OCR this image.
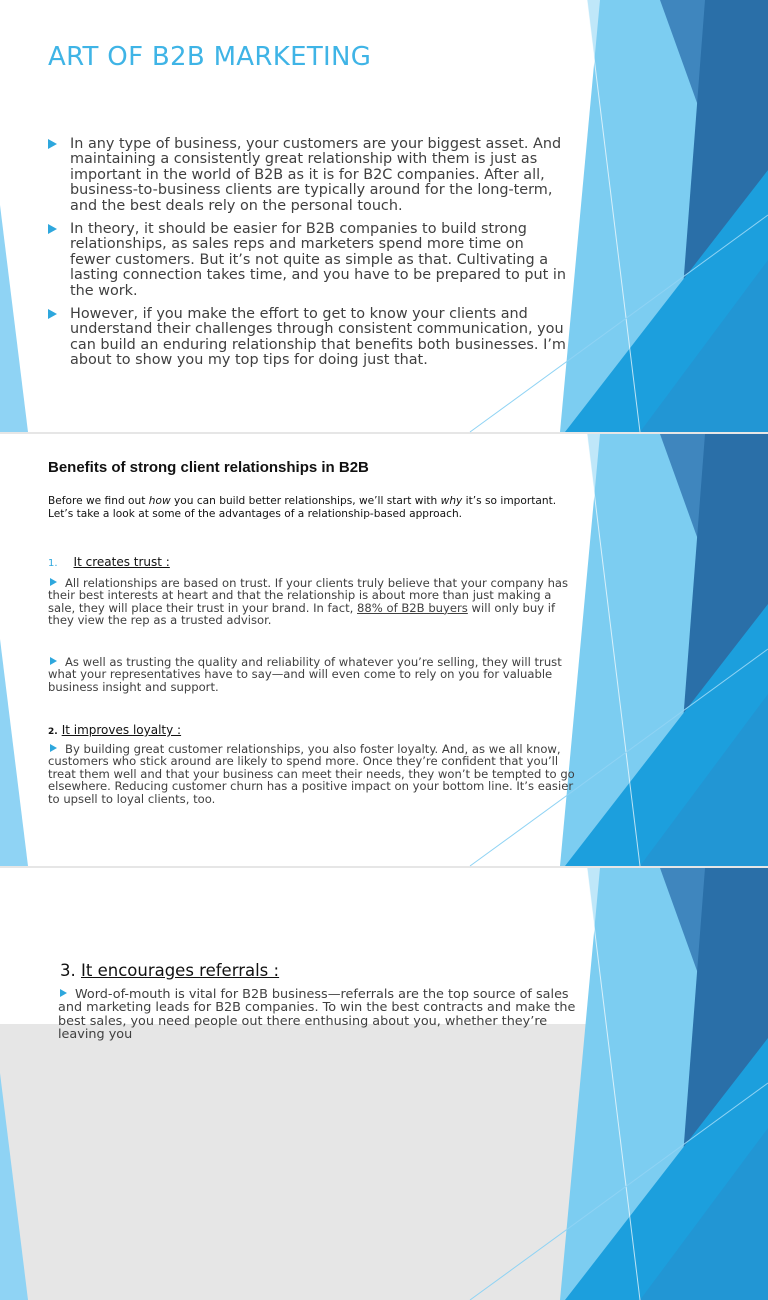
ART OF B2B MARKETING
In any type of business, your customers are your biggest asset. And maintaining a consistently great relationship with them is just as important in the world of B2B as it is for B2C companies. After all, business-to-business clients are typically around for the long-term, and the best deals rely on the personal touch.
In theory, it should be easier for B2B companies to build strong relationships, as sales reps and marketers spend more time on fewer customers. But it’s not quite as simple as that. Cultivating a lasting connection takes time, and you have to be prepared to put in the work.
However, if you make the effort to get to know your clients and understand their challenges through consistent communication, you can build an enduring relationship that benefits both businesses. I’m about to show you my top tips for doing just that.
Benefits of strong client relationships in B2B
Before we find out how you can build better relationships, we’ll start with why it’s so important. Let’s take a look at some of the advantages of a relationship-based approach.
1. It creates trust :
All relationships are based on trust. If your clients truly believe that your company has their best interests at heart and that the relationship is about more than just making a sale, they will place their trust in your brand. In fact, 88% of B2B buyers will only buy if they view the rep as a trusted advisor.
As well as trusting the quality and reliability of whatever you’re selling, they will trust what your representatives have to say—and will even come to rely on you for valuable business insight and support.
2. It improves loyalty :
By building great customer relationships, you also foster loyalty. And, as we all know, customers who stick around are likely to spend more. Once they’re confident that you’ll treat them well and that your business can meet their needs, they won’t be tempted to go elsewhere. Reducing customer churn has a positive impact on your bottom line. It’s easier to upsell to loyal clients, too.
3. It encourages referrals :
Word-of-mouth is vital for B2B business—referrals are the top source of sales and marketing leads for B2B companies. To win the best contracts and make the best sales, you need people out there enthusing about you, whether they’re leaving you
